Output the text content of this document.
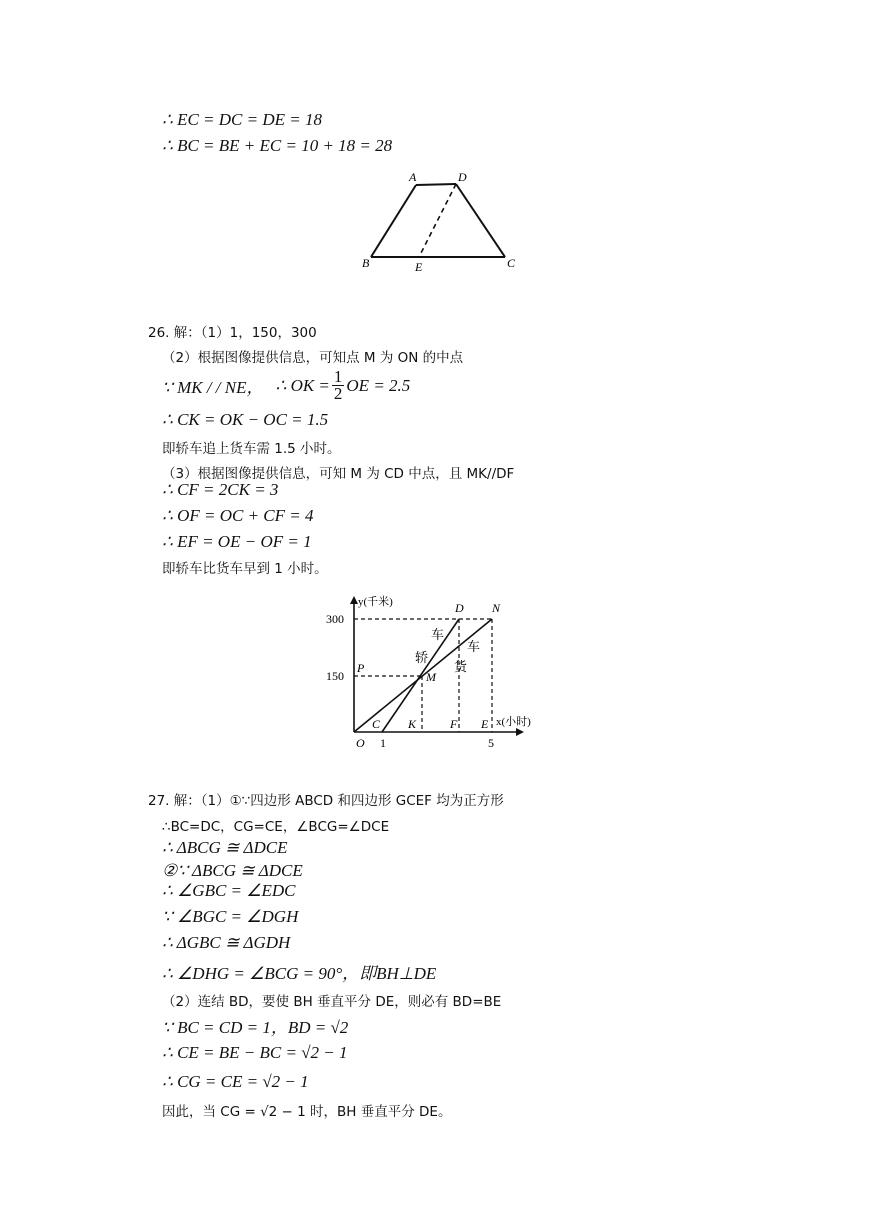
∴ EC = DC = DE = 18
∴ BC = BE + EC = 10 + 18 = 28
A	D
B	E	C
26. 解：（1）1，150，300
（2）根据图像提供信息，可知点 M 为 ON 的中点
∵ MK / / NE， ∴ OK = $\frac{1}{2}$ OE = 2.5
∴ CK = OK − OC = 1.5
即轿车追上货车需 1.5 小时。
（3）根据图像提供信息，可知 M 为 CD 中点，且 MK//DF
∴ CF = 2CK = 3
∴ OF = OC + CF = 4
∴ EF = OE − OF = 1
即轿车比货车早到 1 小时。
y(千米)
x(小时)
300
150
P
M
D N
C K	F E
O 1	5
轿
车
货
车
27. 解：（1）①∵四边形 ABCD 和四边形 GCEF 均为正方形
∴BC=DC，CG=CE，∠BCG=∠DCE
∴ ΔBCG ≅ ΔDCE
②∵ ΔBCG ≅ ΔDCE
∴ ∠GBC = ∠EDC
∵ ∠BGC = ∠DGH
∴ ΔGBC ≅ ΔGDH
∴ ∠DHG = ∠BCG = 90°，即BH⊥DE
（2）连结 BD，要使 BH 垂直平分 DE，则必有 BD=BE
∵ BC = CD = 1，BD = √2
∴ CE = BE − BC = √2 − 1
∴ CG = CE = √2 − 1
因此，当 CG = √2 − 1 时，BH 垂直平分 DE。
